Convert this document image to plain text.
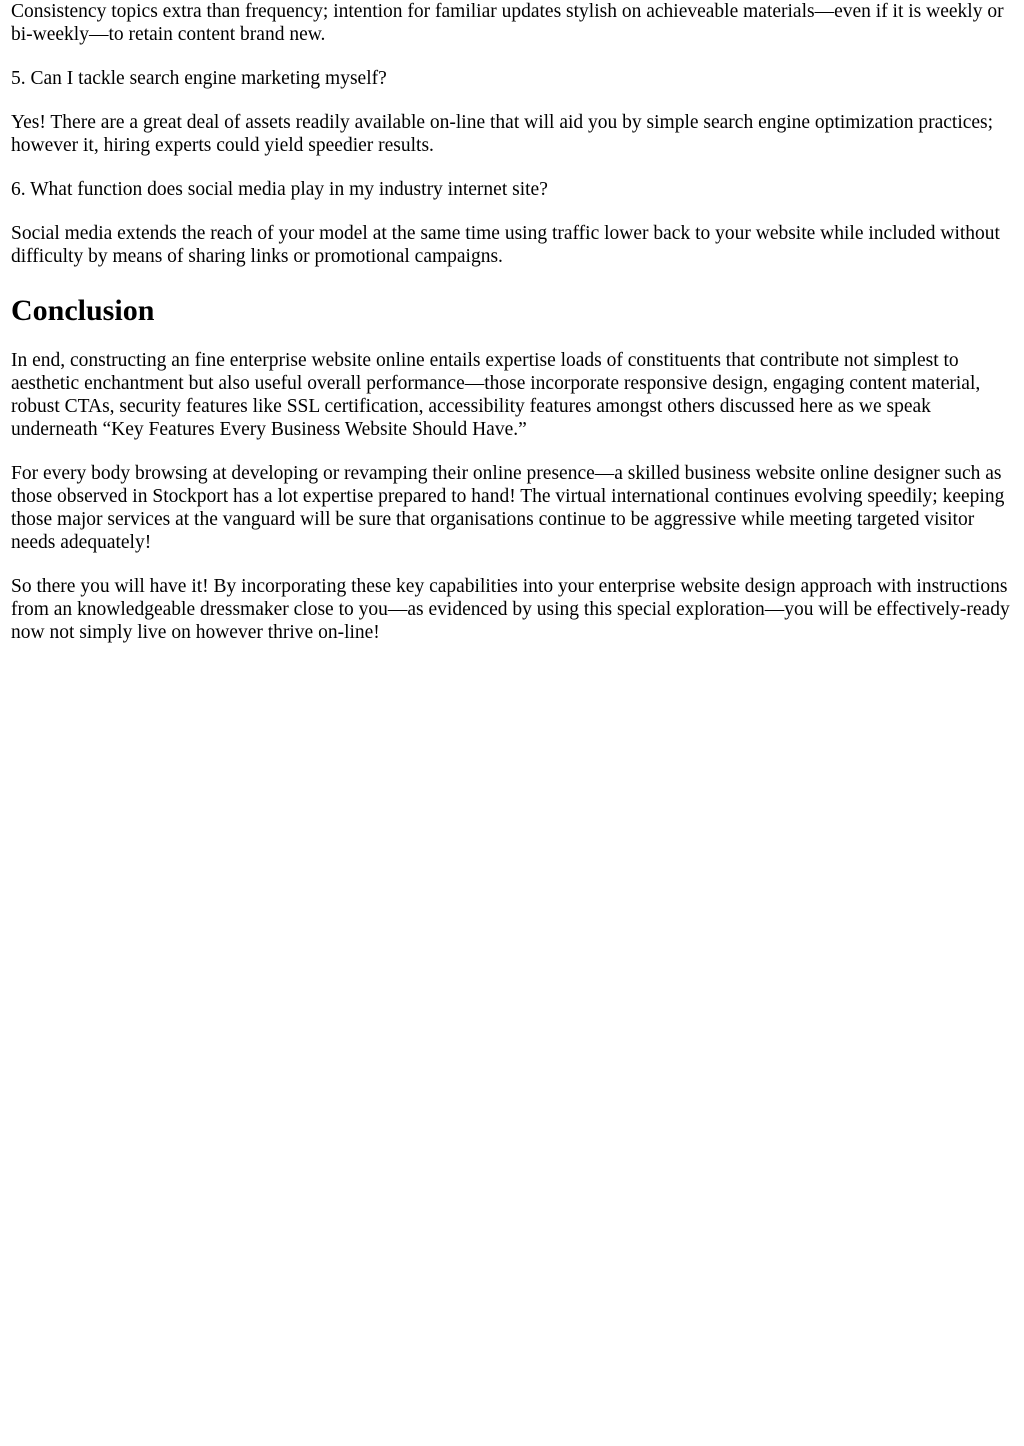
Consistency topics extra than frequency; intention for familiar updates stylish on achieveable materials—even if it is weekly or bi-weekly—to retain content brand new.

5. Can I tackle search engine marketing myself?

Yes! There are a great deal of assets readily available on-line that will aid you by simple search engine optimization practices; however it, hiring experts could yield speedier results.

6. What function does social media play in my industry internet site?

Social media extends the reach of your model at the same time using traffic lower back to your website while included without difficulty by means of sharing links or promotional campaigns.

Conclusion

In end, constructing an fine enterprise website online entails expertise loads of constituents that contribute not simplest to aesthetic enchantment but also useful overall performance—those incorporate responsive design, engaging content material, robust CTAs, security features like SSL certification, accessibility features amongst others discussed here as we speak underneath “Key Features Every Business Website Should Have.”

For every body browsing at developing or revamping their online presence—a skilled business website online designer such as those observed in Stockport has a lot expertise prepared to hand! The virtual international continues evolving speedily; keeping those major services at the vanguard will be sure that organisations continue to be aggressive while meeting targeted visitor needs adequately!

So there you will have it! By incorporating these key capabilities into your enterprise website design approach with instructions from an knowledgeable dressmaker close to you—as evidenced by using this special exploration—you will be effectively-ready now not simply live on however thrive on-line!
